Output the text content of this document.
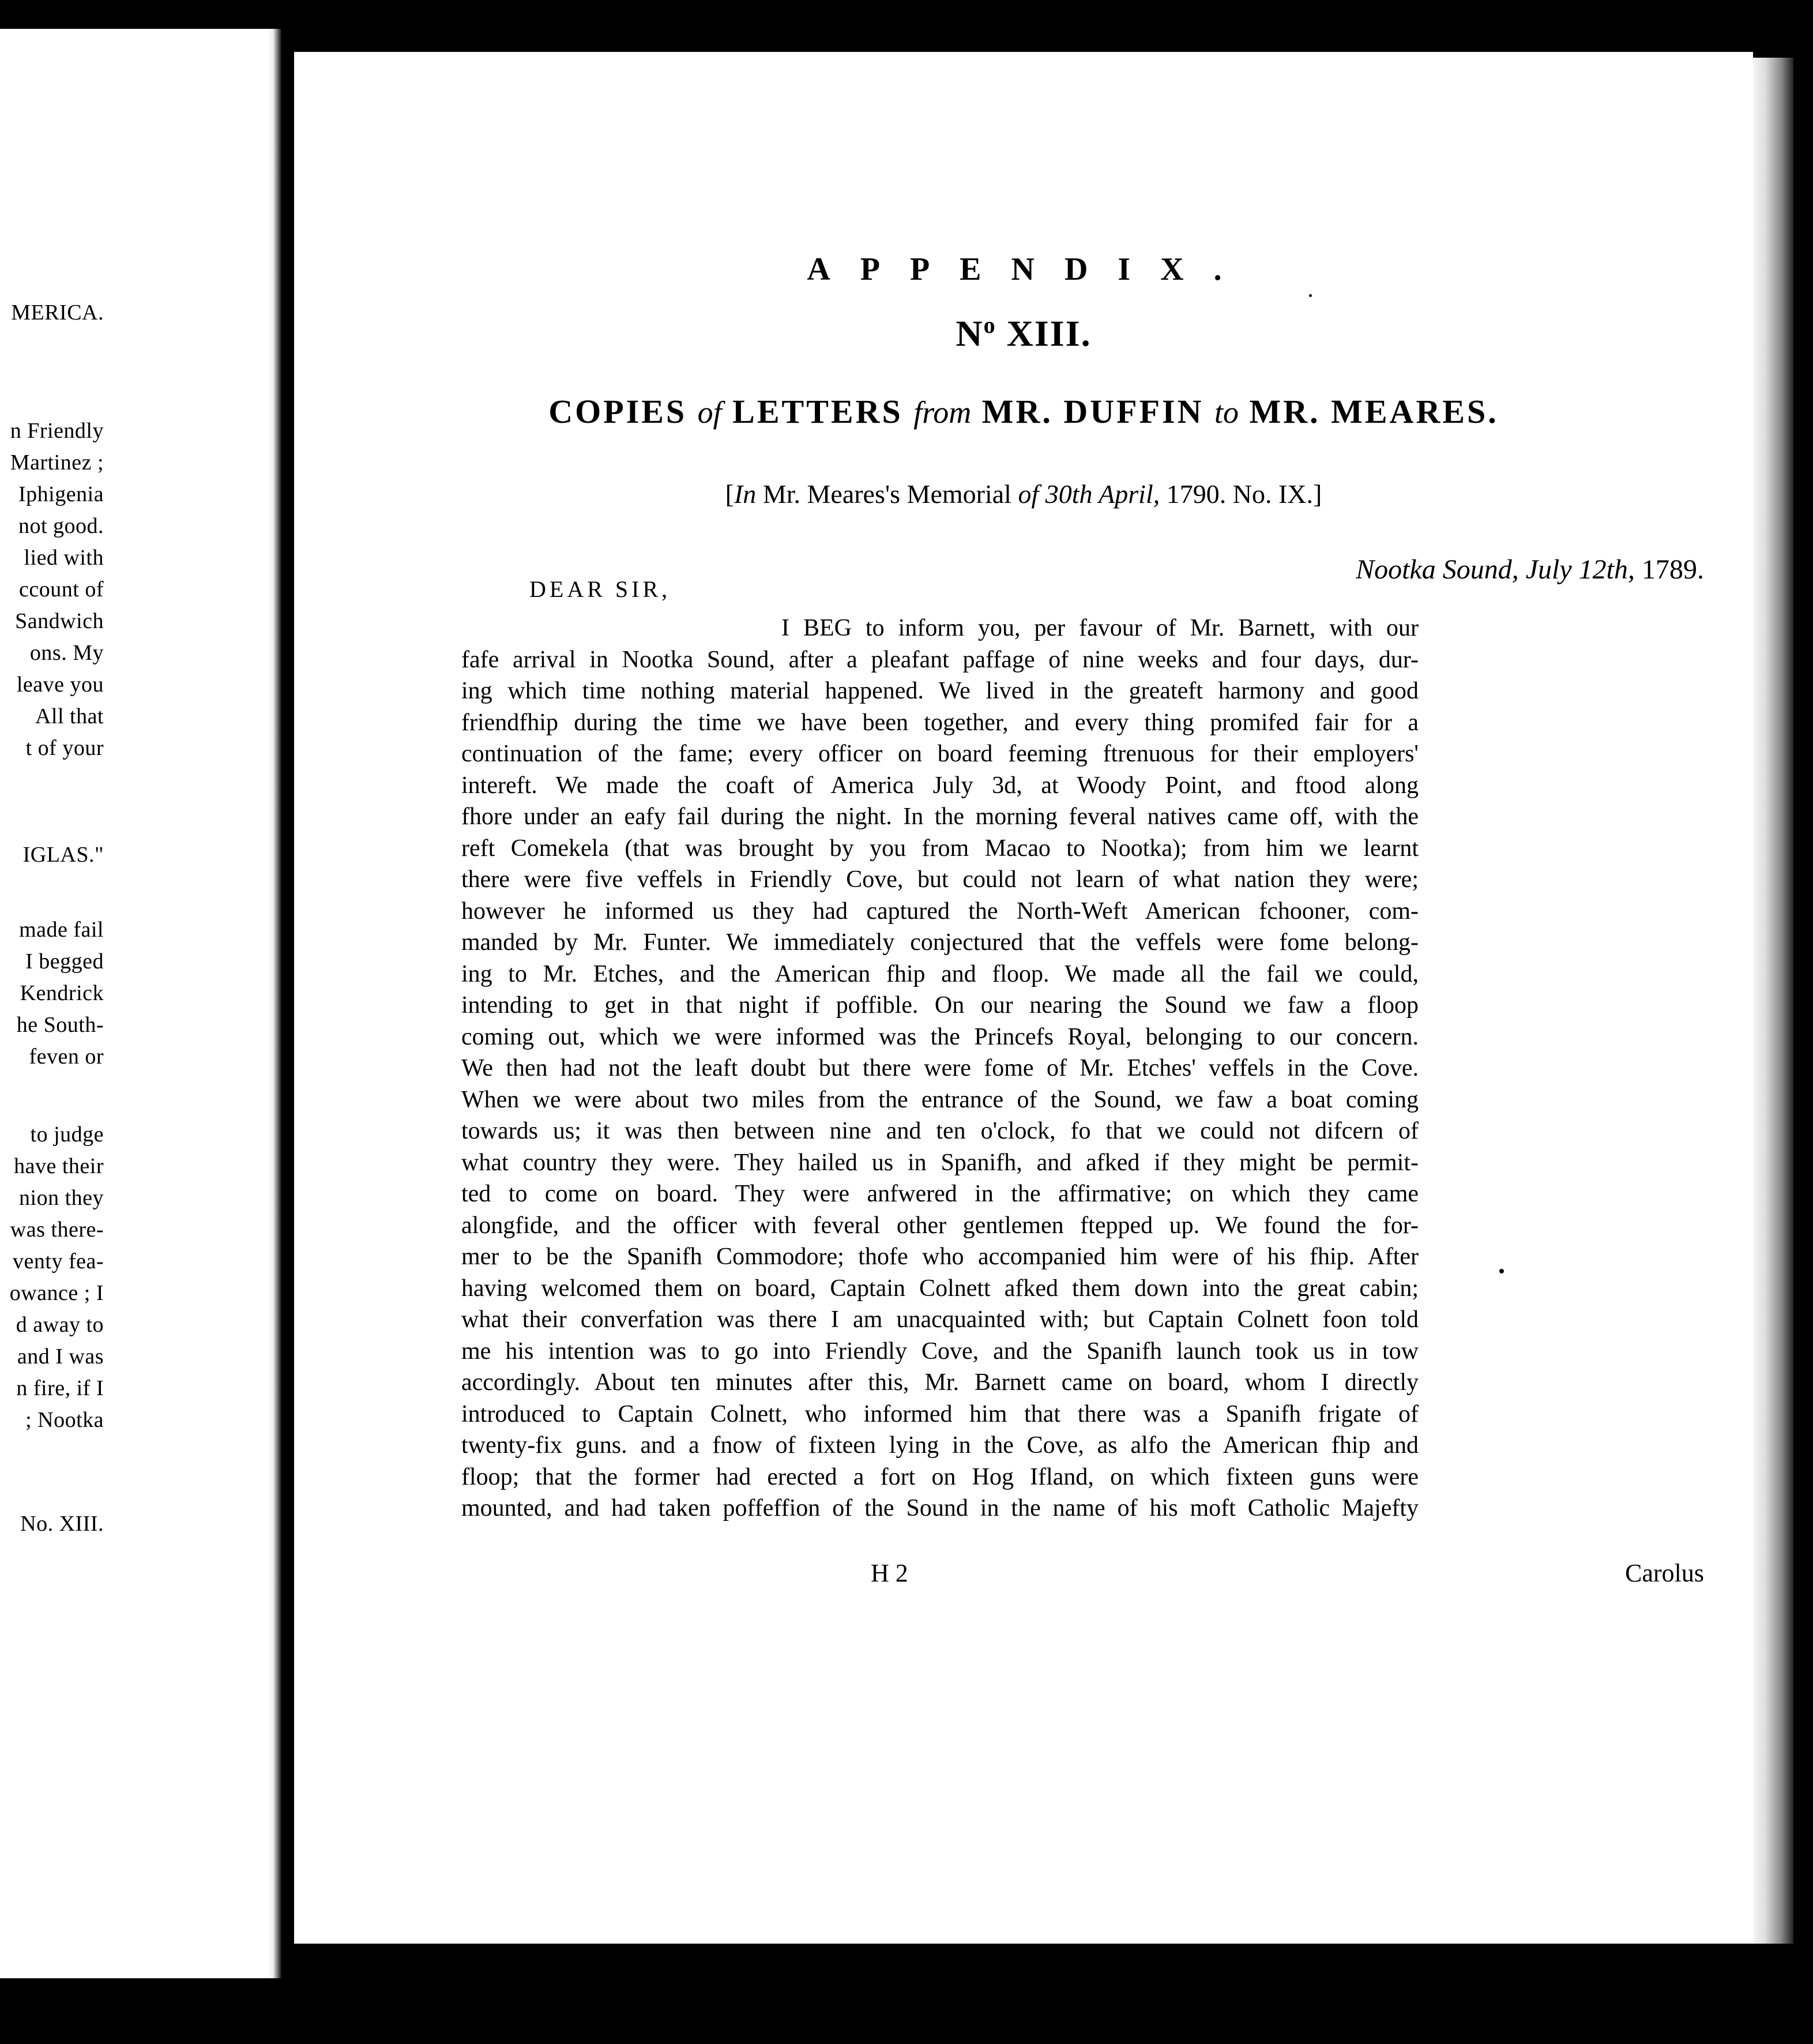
MERICA.
n Friendly
Martinez ;
Iphigenia
not good.
lied with
ccount of
Sandwich
ons. My
leave you
All that
t of your
IGLAS."
made fail
I begged
Kendrick
he South-
feven or
to judge
have their
nion they
was there-
venty fea-
owance ; I
d away to
and I was
n fire, if I
; Nootka
No. XIII.
APPENDIX.
$N^o$ XIII.
COPIES of LETTERS from MR. DUFFIN to MR. MEARES.
[In Mr. Meares's Memorial of 30th April, 1790. No. IX.]
Nootka Sound, July 12th, 1789.
DEAR SIR,
I BEG to inform you, per favour of Mr. Barnett, with our
fafe arrival in Nootka Sound, after a pleafant paffage of nine weeks and four days, dur-
ing which time nothing material happened. We lived in the greateft harmony and good
friendfhip during the time we have been together, and every thing promifed fair for a
continuation of the fame; every officer on board feeming ftrenuous for their employers'
intereft. We made the coaft of America July 3d, at Woody Point, and ftood along
fhore under an eafy fail during the night. In the morning feveral natives came off, with the
reft Comekela (that was brought by you from Macao to Nootka); from him we learnt
there were five veffels in Friendly Cove, but could not learn of what nation they were;
however he informed us they had captured the North-Weft American fchooner, com-
manded by Mr. Funter. We immediately conjectured that the veffels were fome belong-
ing to Mr. Etches, and the American fhip and floop. We made all the fail we could,
intending to get in that night if poffible. On our nearing the Sound we faw a floop
coming out, which we were informed was the Princefs Royal, belonging to our concern.
We then had not the leaft doubt but there were fome of Mr. Etches' veffels in the Cove.
When we were about two miles from the entrance of the Sound, we faw a boat coming
towards us; it was then between nine and ten o'clock, fo that we could not difcern of
what country they were. They hailed us in Spanifh, and afked if they might be permit-
ted to come on board. They were anfwered in the affirmative; on which they came
alongfide, and the officer with feveral other gentlemen ftepped up. We found the for-
mer to be the Spanifh Commodore; thofe who accompanied him were of his fhip. After
having welcomed them on board, Captain Colnett afked them down into the great cabin;
what their converfation was there I am unacquainted with; but Captain Colnett foon told
me his intention was to go into Friendly Cove, and the Spanifh launch took us in tow
accordingly. About ten minutes after this, Mr. Barnett came on board, whom I directly
introduced to Captain Colnett, who informed him that there was a Spanifh frigate of
twenty-fix guns. and a fnow of fixteen lying in the Cove, as alfo the American fhip and
floop; that the former had erected a fort on Hog Ifland, on which fixteen guns were
mounted, and had taken poffeffion of the Sound in the name of his moft Catholic Majefty
H 2	Carolus
